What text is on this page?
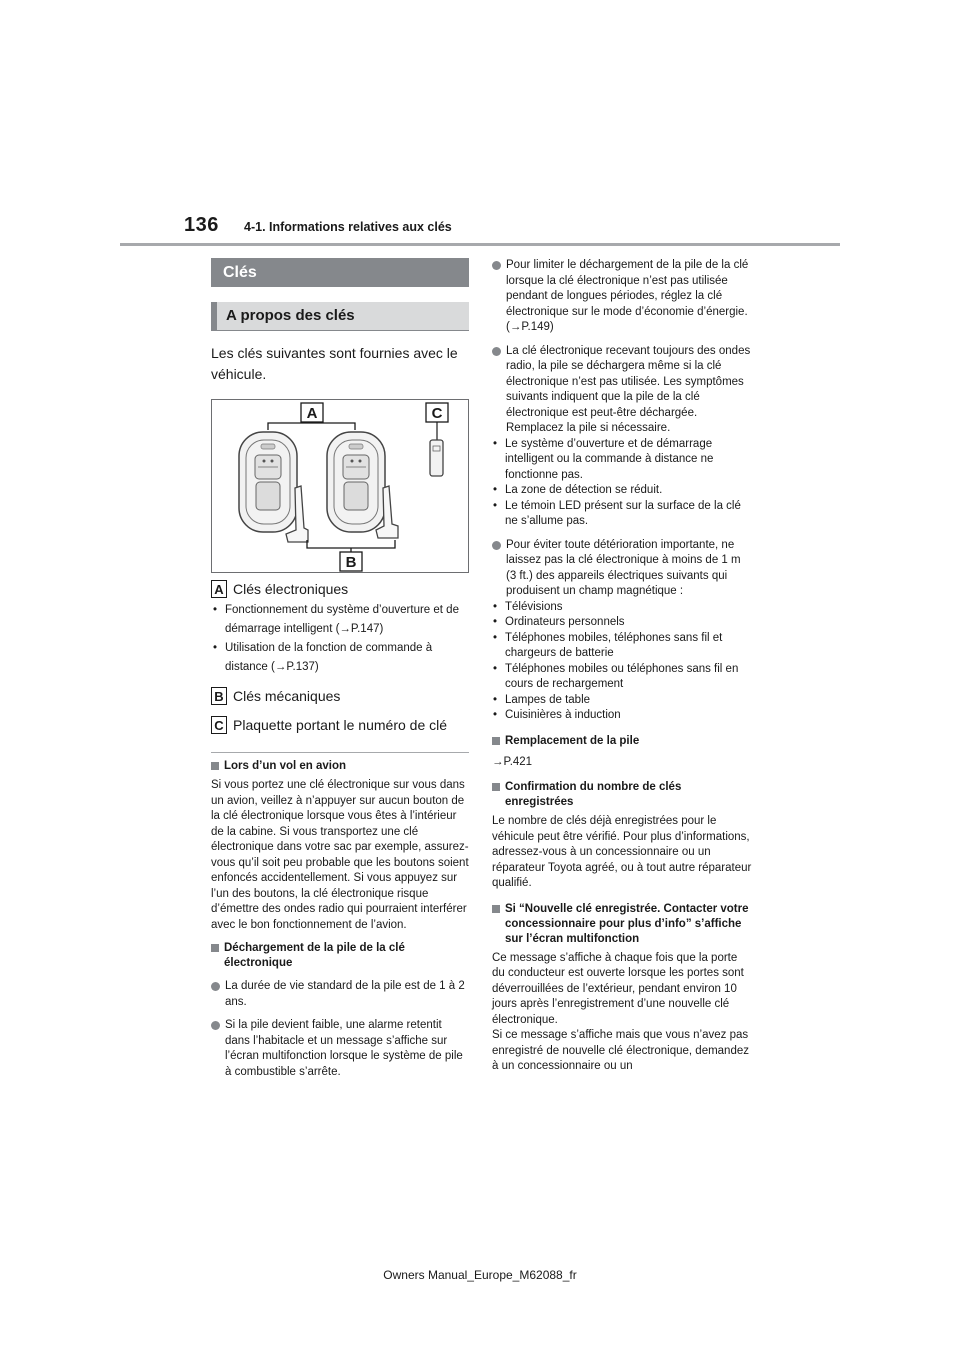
136 4-1. Informations relatives aux clés
Clés
A propos des clés
Les clés suivantes sont fournies avec le véhicule.
A	C
B
A Clés électroniques
• Fonctionnement du système d’ouverture et de démarrage intelligent (→P.147)
• Utilisation de la fonction de commande à distance (→P.137)
B Clés mécaniques
C Plaquette portant le numéro de clé
Lors d’un vol en avion
Si vous portez une clé électronique sur vous dans un avion, veillez à n’appuyer sur aucun bouton de la clé électronique lorsque vous êtes à l’intérieur de la cabine. Si vous transportez une clé électronique dans votre sac par exemple, assurez-vous qu’il soit peu probable que les boutons soient enfoncés accidentellement. Si vous appuyez sur l’un des boutons, la clé électronique risque d’émettre des ondes radio qui pourraient interférer avec le bon fonctionnement de l’avion.
Déchargement de la pile de la clé électronique
La durée de vie standard de la pile est de 1 à 2 ans.
Si la pile devient faible, une alarme retentit dans l’habitacle et un message s’affiche sur l’écran multifonction lorsque le système de pile à combustible s’arrête.
Pour limiter le déchargement de la pile de la clé lorsque la clé électronique n’est pas utilisée pendant de longues périodes, réglez la clé électronique sur le mode d’économie d’énergie. (→P.149)
La clé électronique recevant toujours des ondes radio, la pile se déchargera même si la clé électronique n’est pas utilisée. Les symptômes suivants indiquent que la pile de la clé électronique est peut-être déchargée. Remplacez la pile si nécessaire.
• Le système d’ouverture et de démarrage intelligent ou la commande à distance ne fonctionne pas.
• La zone de détection se réduit.
• Le témoin LED présent sur la surface de la clé ne s’allume pas.
Pour éviter toute détérioration importante, ne laissez pas la clé électronique à moins de 1 m (3 ft.) des appareils électriques suivants qui produisent un champ magnétique :
• Télévisions
• Ordinateurs personnels
• Téléphones mobiles, téléphones sans fil et chargeurs de batterie
• Téléphones mobiles ou téléphones sans fil en cours de rechargement
• Lampes de table
• Cuisinières à induction
Remplacement de la pile
→P.421
Confirmation du nombre de clés enregistrées
Le nombre de clés déjà enregistrées pour le véhicule peut être vérifié. Pour plus d’informations, adressez-vous à un concessionnaire ou un réparateur Toyota agréé, ou à tout autre réparateur qualifié.
Si “Nouvelle clé enregistrée. Contacter votre concessionnaire pour plus d’info” s’affiche sur l’écran multifonction
Ce message s’affiche à chaque fois que la porte du conducteur est ouverte lorsque les portes sont déverrouillées de l’extérieur, pendant environ 10 jours après l’enregistrement d’une nouvelle clé électronique.
Si ce message s’affiche mais que vous n’avez pas enregistré de nouvelle clé électronique, demandez à un concessionnaire ou un
Owners Manual_Europe_M62088_fr
